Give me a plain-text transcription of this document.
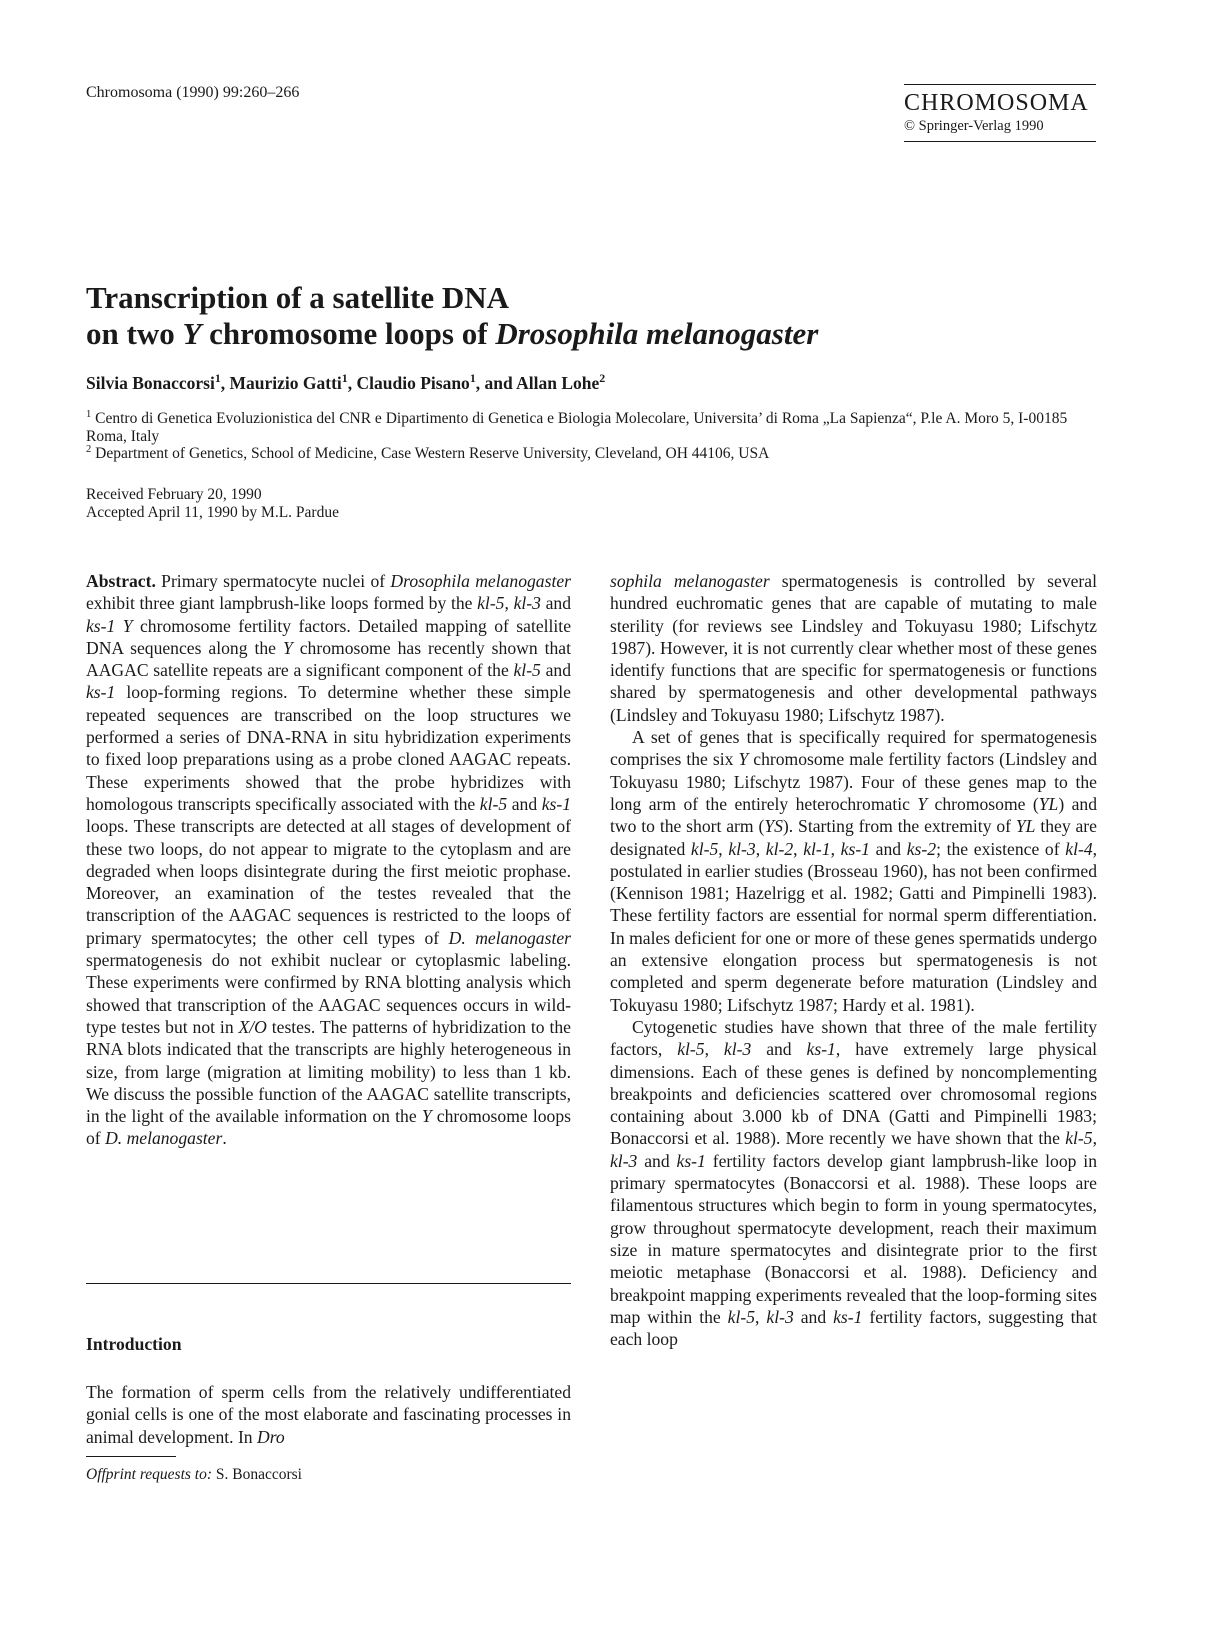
Chromosoma (1990) 99:260–266	CHROMOSOMA
© Springer-Verlag 1990
Transcription of a satellite DNA
on two Y chromosome loops of Drosophila melanogaster
Silvia Bonaccorsi$^1$, Maurizio Gatti$^1$, Claudio Pisano$^1$, and Allan Lohe$^2$

$^1$ Centro di Genetica Evoluzionistica del CNR e Dipartimento di Genetica e Biologia Molecolare, Universita’ di Roma „La Sapienza“, P.le A. Moro 5, I-00185 Roma, Italy

$^2$ Department of Genetics, School of Medicine, Case Western Reserve University, Cleveland, OH 44106, USA

Received February 20, 1990
Accepted April 11, 1990 by M.L. Pardue

Abstract. Primary spermatocyte nuclei of Drosophila melanogaster exhibit three giant lampbrush-like loops formed by the kl-5, kl-3 and ks-1 Y chromosome fertility factors. Detailed mapping of satellite DNA sequences along the Y chromosome has recently shown that AAGAC satellite repeats are a significant component of the kl-5 and ks-1 loop-forming regions. To determine whether these simple repeated sequences are transcribed on the loop structures we performed a series of DNA-RNA in situ hybridization experiments to fixed loop preparations using as a probe cloned AAGAC repeats. These experiments showed that the probe hybridizes with homologous transcripts specifically associated with the kl-5 and ks-1 loops. These transcripts are detected at all stages of development of these two loops, do not appear to migrate to the cytoplasm and are degraded when loops disintegrate during the first meiotic prophase. Moreover, an examination of the testes revealed that the transcription of the AAGAC sequences is restricted to the loops of primary spermatocytes; the other cell types of D. melanogaster spermatogenesis do not exhibit nuclear or cytoplasmic labeling. These experiments were confirmed by RNA blotting analysis which showed that transcription of the AAGAC sequences occurs in wild-type testes but not in X/O testes. The patterns of hybridization to the RNA blots indicated that the transcripts are highly heterogeneous in size, from large (migration at limiting mobility) to less than 1 kb. We discuss the possible function of the AAGAC satellite transcripts, in the light of the available information on the Y chromosome loops of D. melanogaster.

Introduction

The formation of sperm cells from the relatively undifferentiated gonial cells is one of the most elaborate and fascinating processes in animal development. In Dro

Offprint requests to: S. Bonaccorsi

sophila melanogaster spermatogenesis is controlled by several hundred euchromatic genes that are capable of mutating to male sterility (for reviews see Lindsley and Tokuyasu 1980; Lifschytz 1987). However, it is not currently clear whether most of these genes identify functions that are specific for spermatogenesis or functions shared by spermatogenesis and other developmental pathways (Lindsley and Tokuyasu 1980; Lifschytz 1987).

A set of genes that is specifically required for spermatogenesis comprises the six Y chromosome male fertility factors (Lindsley and Tokuyasu 1980; Lifschytz 1987). Four of these genes map to the long arm of the entirely heterochromatic Y chromosome (YL) and two to the short arm (YS). Starting from the extremity of YL they are designated kl-5, kl-3, kl-2, kl-1, ks-1 and ks-2; the existence of kl-4, postulated in earlier studies (Brosseau 1960), has not been confirmed (Kennison 1981; Hazelrigg et al. 1982; Gatti and Pimpinelli 1983). These fertility factors are essential for normal sperm differentiation. In males deficient for one or more of these genes spermatids undergo an extensive elongation process but spermatogenesis is not completed and sperm degenerate before maturation (Lindsley and Tokuyasu 1980; Lifschytz 1987; Hardy et al. 1981).

Cytogenetic studies have shown that three of the male fertility factors, kl-5, kl-3 and ks-1, have extremely large physical dimensions. Each of these genes is defined by noncomplementing breakpoints and deficiencies scattered over chromosomal regions containing about 3.000 kb of DNA (Gatti and Pimpinelli 1983; Bonaccorsi et al. 1988). More recently we have shown that the kl-5, kl-3 and ks-1 fertility factors develop giant lampbrush-like loop in primary spermatocytes (Bonaccorsi et al. 1988). These loops are filamentous structures which begin to form in young spermatocytes, grow throughout spermatocyte development, reach their maximum size in mature spermatocytes and disintegrate prior to the first meiotic metaphase (Bonaccorsi et al. 1988). Deficiency and breakpoint mapping experiments revealed that the loop-forming sites map within the kl-5, kl-3 and ks-1 fertility factors, suggesting that each loop
